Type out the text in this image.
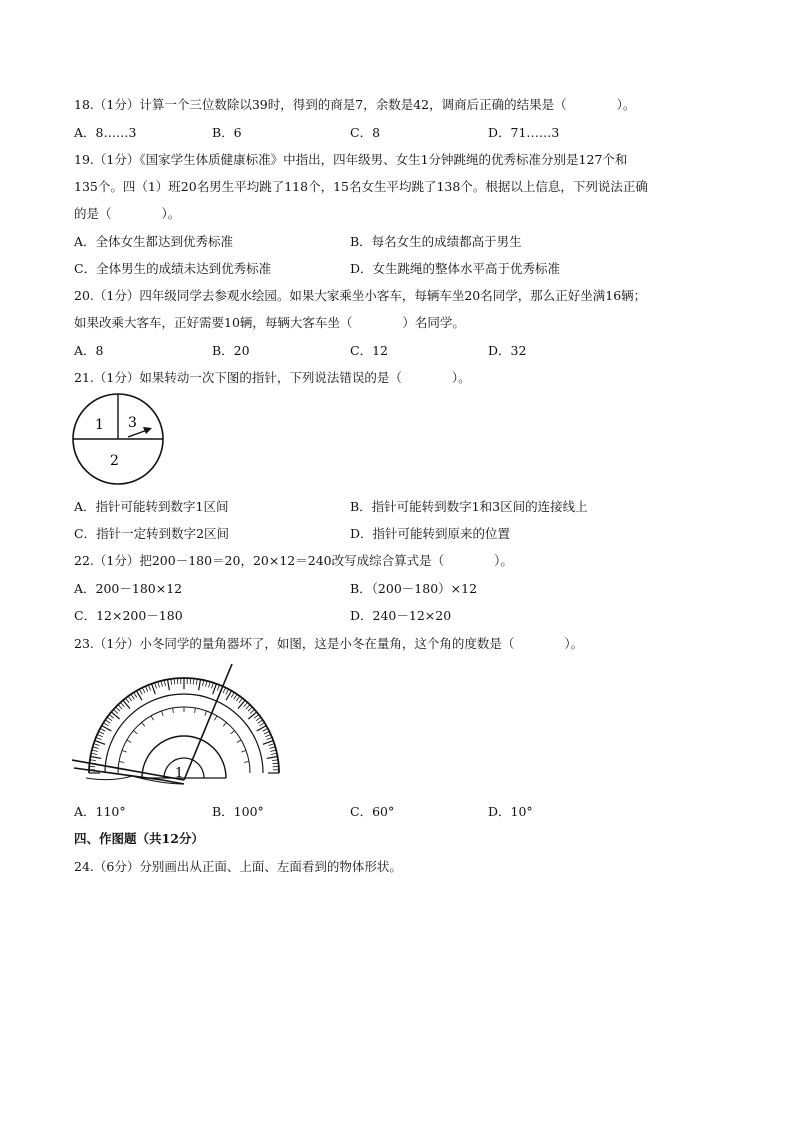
18.（1分）计算一个三位数除以39时，得到的商是7，余数是42，调商后正确的结果是（　　　　）。
A．8……3	B．6	C．8	D．71……3
19.（1分）《国家学生体质健康标准》中指出，四年级男、女生1分钟跳绳的优秀标准分别是127个和
135个。四（1）班20名男生平均跳了118个，15名女生平均跳了138个。根据以上信息，下列说法正确
的是（　　　　）。
A．全体女生都达到优秀标准	B．每名女生的成绩都高于男生
C．全体男生的成绩未达到优秀标准	D．女生跳绳的整体水平高于优秀标准
20.（1分）四年级同学去参观水绘园。如果大家乘坐小客车，每辆车坐20名同学，那么正好坐满16辆；
如果改乘大客车，正好需要10辆，每辆大客车坐（　　　　）名同学。
A．8	B．20	C．12	D．32
21.（1分）如果转动一次下图的指针，下列说法错误的是（　　　　）。
1 3
2
A．指针可能转到数字1区间	B．指针可能转到数字1和3区间的连接线上
C．指针一定转到数字2区间	D．指针可能转到原来的位置
22.（1分）把200－180＝20，20×12＝240改写成综合算式是（　　　　）。
A．200－180×12	B．（200－180）×12
C．12×200－180	D．240－12×20
23.（1分）小冬同学的量角器坏了，如图，这是小冬在量角，这个角的度数是（　　　　）。
1
A．110°	B．100°	C．60°	D．10°
四、作图题（共12分）
24.（6分）分别画出从正面、上面、左面看到的物体形状。
